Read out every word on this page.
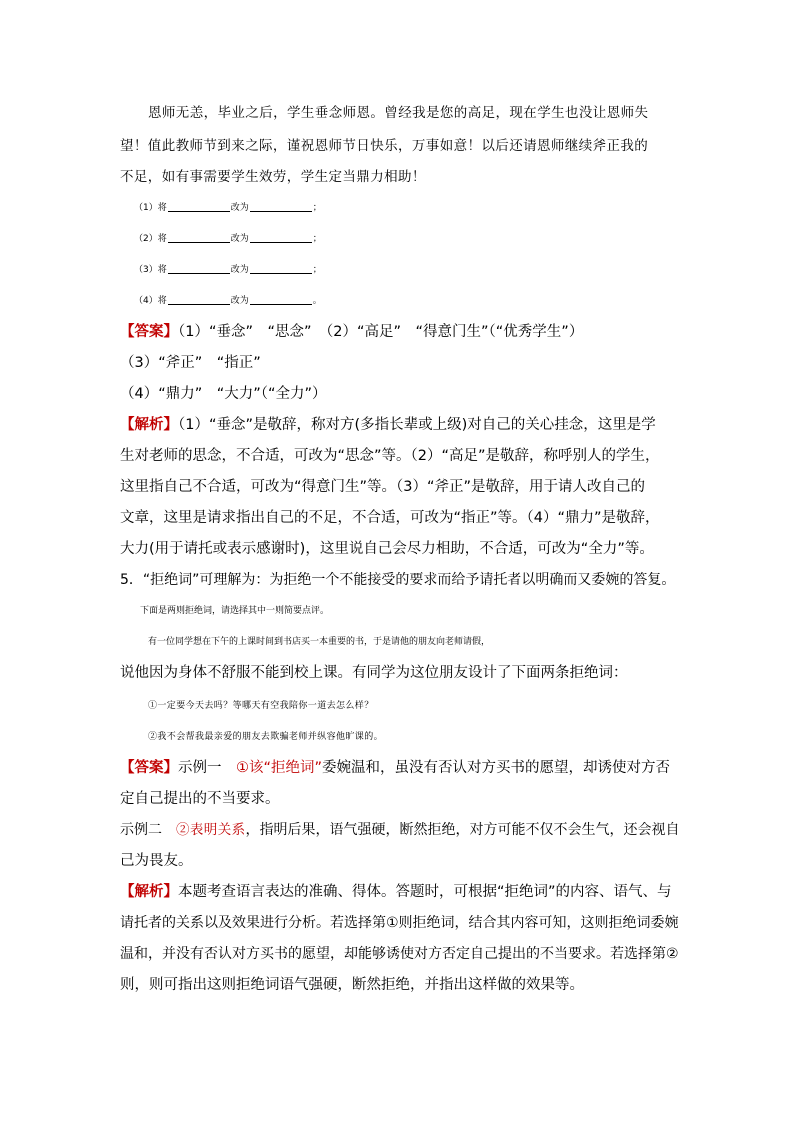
恩师无恙，毕业之后，学生垂念师恩。曾经我是您的高足，现在学生也没让恩师失
望！值此教师节到来之际，谨祝恩师节日快乐，万事如意！以后还请恩师继续斧正我的
不足，如有事需要学生效劳，学生定当鼎力相助！
（1）将	改为	；
（2）将	改为	；
（3）将	改为	；
（4）将	改为	。
【答案】（1）“垂念”　“思念”　（2）“高足”　“得意门生”（“优秀学生”）
（3）“斧正”　“指正”
（4）“鼎力”　“大力”（“全力”）
【解析】（1）“垂念”是敬辞，称对方(多指长辈或上级)对自己的关心挂念，这里是学
生对老师的思念，不合适，可改为“思念”等。（2）“高足”是敬辞，称呼别人的学生，
这里指自己不合适，可改为“得意门生”等。（3）“斧正”是敬辞，用于请人改自己的
文章，这里是请求指出自己的不足，不合适，可改为“指正”等。（4）“鼎力”是敬辞，
大力(用于请托或表示感谢时)，这里说自己会尽力相助，不合适，可改为“全力”等。
5．“拒绝词”可理解为：为拒绝一个不能接受的要求而给予请托者以明确而又委婉的答复。
下面是两则拒绝词，请选择其中一则简要点评。
有一位同学想在下午的上课时间到书店买一本重要的书，于是请他的朋友向老师请假，
说他因为身体不舒服不能到校上课。有同学为这位朋友设计了下面两条拒绝词：
①一定要今天去吗？等哪天有空我陪你一道去怎么样？
②我不会帮我最亲爱的朋友去欺骗老师并纵容他旷课的。
【答案】示例一　①该“拒绝词”委婉温和，虽没有否认对方买书的愿望，却诱使对方否
定自己提出的不当要求。
示例二　②表明关系，指明后果，语气强硬，断然拒绝，对方可能不仅不会生气，还会视自
己为畏友。
【解析】本题考查语言表达的准确、得体。答题时，可根据“拒绝词”的内容、语气、与
请托者的关系以及效果进行分析。若选择第①则拒绝词，结合其内容可知，这则拒绝词委婉
温和，并没有否认对方买书的愿望，却能够诱使对方否定自己提出的不当要求。若选择第②
则，则可指出这则拒绝词语气强硬，断然拒绝，并指出这样做的效果等。
